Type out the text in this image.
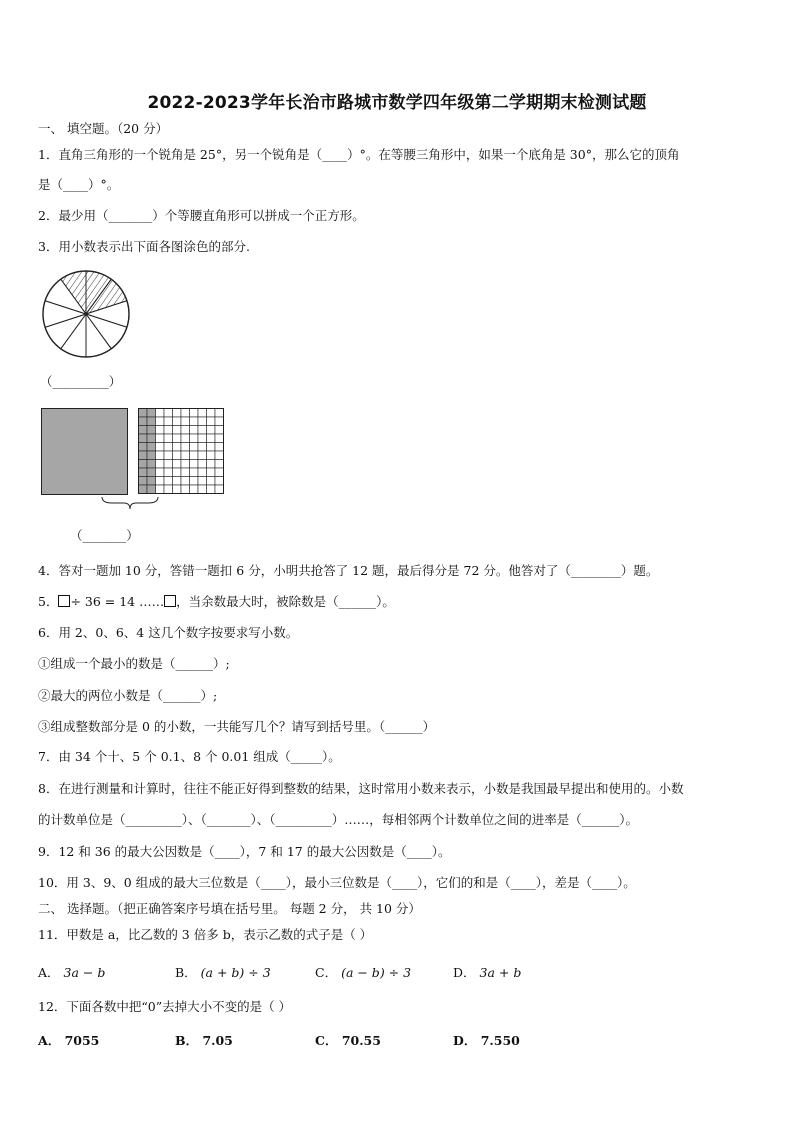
2022-2023学年长治市路城市数学四年级第二学期期末检测试题
一、 填空题。（20 分）
1．直角三角形的一个锐角是 25°，另一个锐角是（____）°。在等腰三角形中，如果一个底角是 30°，那么它的顶角
是（____）°。
2．最少用（_______）个等腰直角形可以拼成一个正方形。
3．用小数表示出下面各图涂色的部分.
（_________）
（_______）
4．答对一题加 10 分，答错一题扣 6 分，小明共抢答了 12 题，最后得分是 72 分。他答对了（________）题。
5． ÷ 36 = 14 …… ，当余数最大时，被除数是（______）。
6．用 2、0、6、4 这几个数字按要求写小数。
①组成一个最小的数是（______）;
②最大的两位小数是（______）;
③组成整数部分是 0 的小数，一共能写几个？请写到括号里。（______）
7．由 34 个十、5 个 0.1、8 个 0.01 组成（_____）。
8．在进行测量和计算时，往往不能正好得到整数的结果，这时常用小数来表示，小数是我国最早提出和使用的。小数
的计数单位是（_________）、（_______）、（_________）……，每相邻两个计数单位之间的进率是（______）。
9．12 和 36 的最大公因数是（____），7 和 17 的最大公因数是（____）。
10．用 3、9、0 组成的最大三位数是（____），最小三位数是（____），它们的和是（____），差是（____）。
二、 选择题。（把正确答案序号填在括号里。 每题 2 分， 共 10 分）
11．甲数是 a，比乙数的 3 倍多 b，表示乙数的式子是（ ）
A． 3a − b	B． (a + b) ÷ 3	C． (a − b) ÷ 3	D． 3a + b
12．下面各数中把“0”去掉大小不变的是（ ）
A． 7055	B． 7.05	C． 70.55	D． 7.550
